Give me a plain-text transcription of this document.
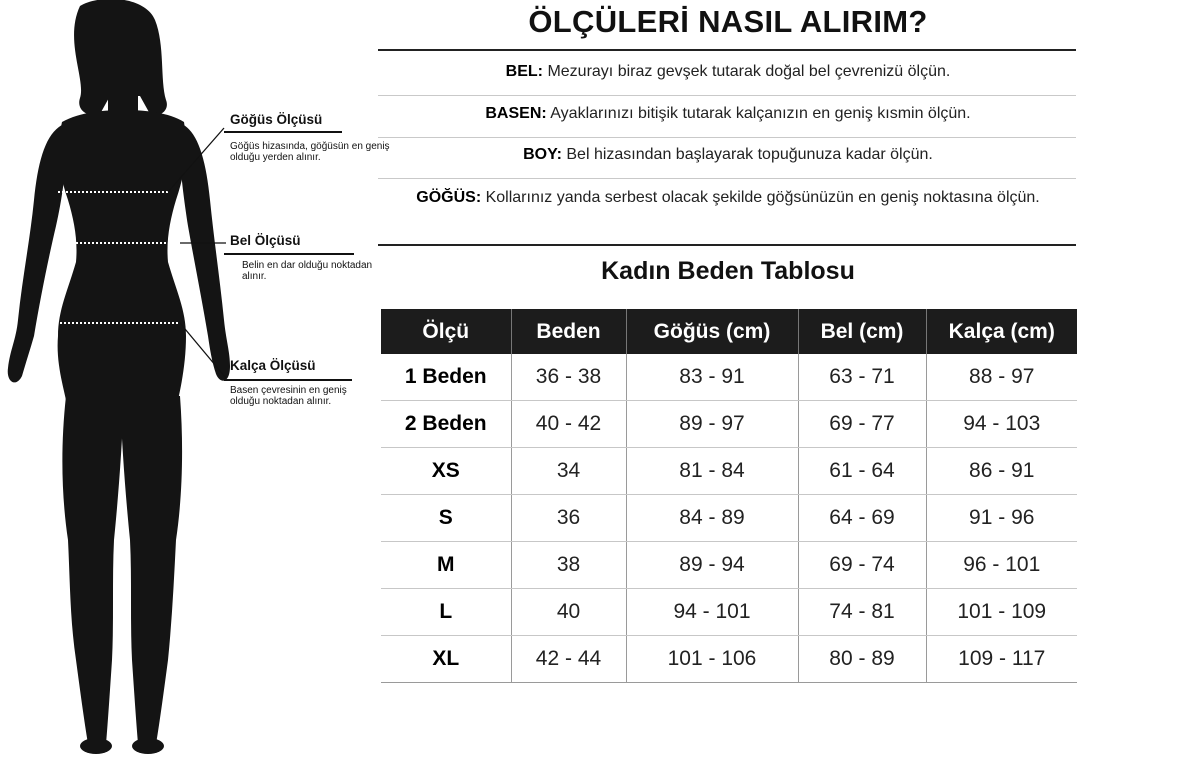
Göğüs Ölçüsü
Göğüs hizasında, göğüsün en geniş olduğu yerden alınır.
Bel Ölçüsü
Belin en dar olduğu noktadan alınır.
Kalça Ölçüsü
Basen çevresinin en geniş olduğu noktadan alınır.
ÖLÇÜLERİ NASIL ALIRIM?
BEL: Mezurayı biraz gevşek tutarak doğal bel çevrenizü ölçün.
BASEN: Ayaklarınızı bitişik tutarak kalçanızın en geniş kısmin ölçün.
BOY: Bel hizasından başlayarak topuğunuza kadar ölçün.
GÖĞÜS: Kollarınız yanda serbest olacak şekilde göğsünüzün en geniş noktasına ölçün.
Kadın Beden Tablosu
Ölçü	Beden	Göğüs (cm)	Bel (cm)	Kalça (cm)
1 Beden	36 - 38	83 - 91	63 - 71	88 - 97
2 Beden	40 - 42	89 - 97	69 - 77	94 - 103
XS	34	81 - 84	61 - 64	86 - 91
S	36	84 - 89	64 - 69	91 - 96
M	38	89 - 94	69 - 74	96 - 101
L	40	94 - 101	74 - 81	101 - 109
XL	42 - 44	101 - 106	80 - 89	109 - 117
